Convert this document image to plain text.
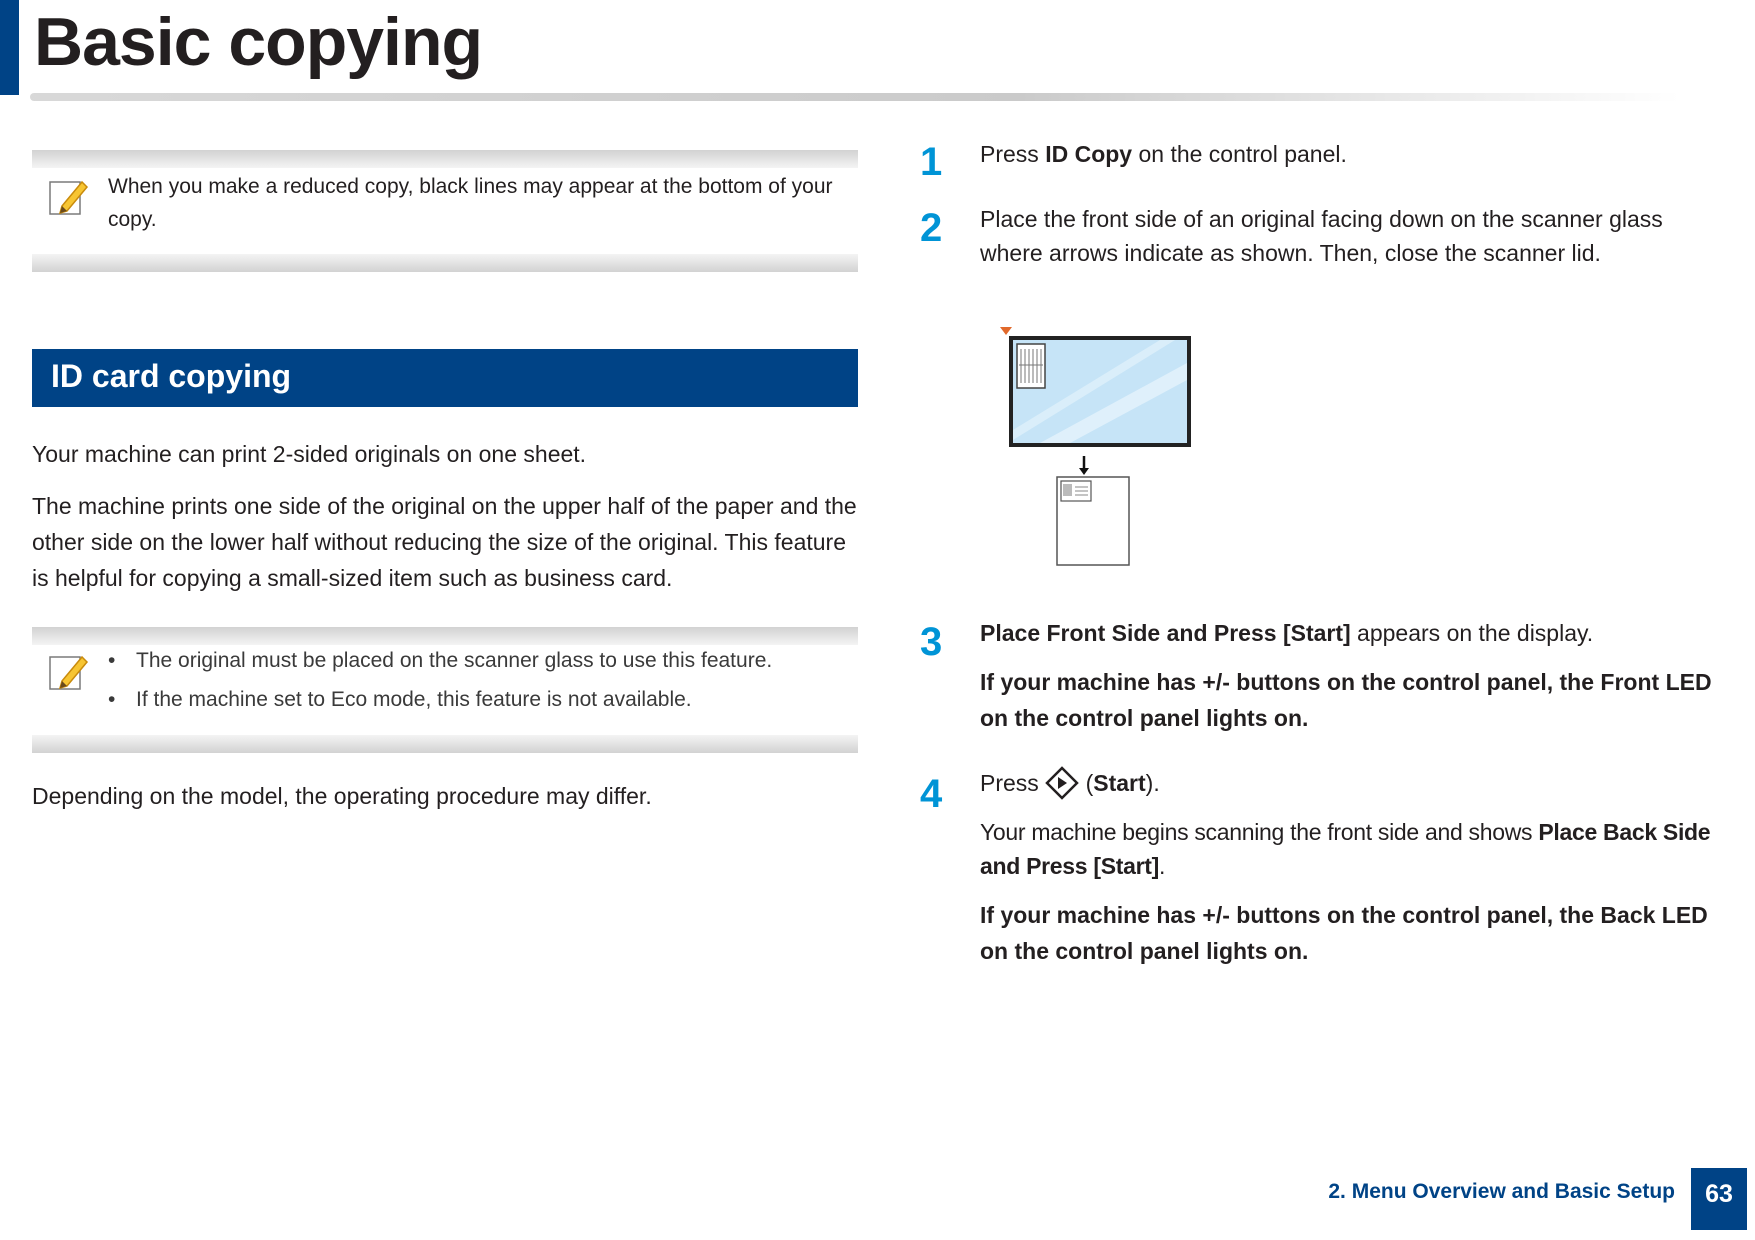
Basic copying
When you make a reduced copy, black lines may appear at the bottom of your copy.
ID card copying
Your machine can print 2-sided originals on one sheet.
The machine prints one side of the original on the upper half of the paper and the other side on the lower half without reducing the size of the original. This feature is helpful for copying a small-sized item such as business card.
• The original must be placed on the scanner glass to use this feature.
• If the machine set to Eco mode, this feature is not available.
Depending on the model, the operating procedure may differ.
1 Press ID Copy on the control panel.
2 Place the front side of an original facing down on the scanner glass where arrows indicate as shown. Then, close the scanner lid.
3 Place Front Side and Press [Start] appears on the display.
If your machine has +/- buttons on the control panel, the Front LED on the control panel lights on.
4 Press  (Start).
Your machine begins scanning the front side and shows Place Back Side and Press [Start].
If your machine has +/- buttons on the control panel, the Back LED on the control panel lights on.
2. Menu Overview and Basic Setup	63
